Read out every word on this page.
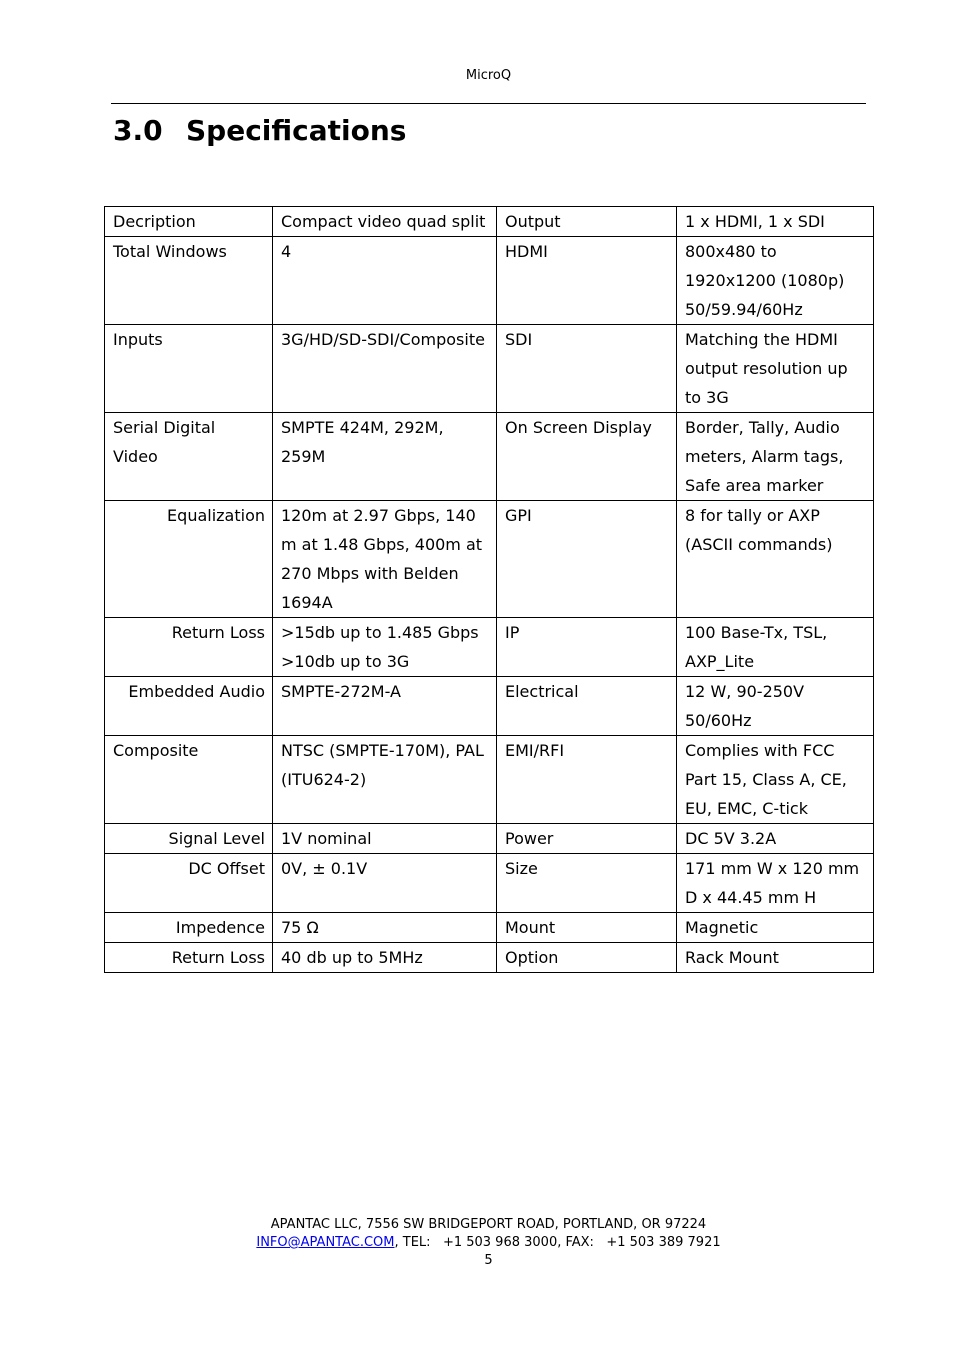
MicroQ
3.0 Specifications
Decription	Compact video quad split	Output	1 x HDMI, 1 x SDI
Total Windows	4	HDMI	800x480 to 1920x1200 (1080p) 50/59.94/60Hz
Inputs	3G/HD/SD-SDI/Composite	SDI	Matching the HDMI output resolution up to 3G
Serial Digital Video	SMPTE 424M, 292M, 259M	On Screen Display	Border, Tally, Audio meters, Alarm tags, Safe area marker
Equalization	120m at 2.97 Gbps, 140 m at 1.48 Gbps, 400m at 270 Mbps with Belden 1694A	GPI	8 for tally or AXP (ASCII commands)
Return Loss	>15db up to 1.485 Gbps >10db up to 3G	IP	100 Base-Tx, TSL, AXP_Lite
Embedded Audio	SMPTE-272M-A	Electrical	12 W, 90-250V 50/60Hz
Composite	NTSC (SMPTE-170M), PAL (ITU624-2)	EMI/RFI	Complies with FCC Part 15, Class A, CE, EU, EMC, C-tick
Signal Level	1V nominal	Power	DC 5V 3.2A
DC Offset	0V, ± 0.1V	Size	171 mm W x 120 mm D x 44.45 mm H
Impedence	75 Ω	Mount	Magnetic
Return Loss	40 db up to 5MHz	Option	Rack Mount
APANTAC LLC, 7556 SW BRIDGEPORT ROAD, PORTLAND, OR 97224
INFO@APANTAC.COM, TEL:   +1 503 968 3000, FAX:   +1 503 389 7921
5
